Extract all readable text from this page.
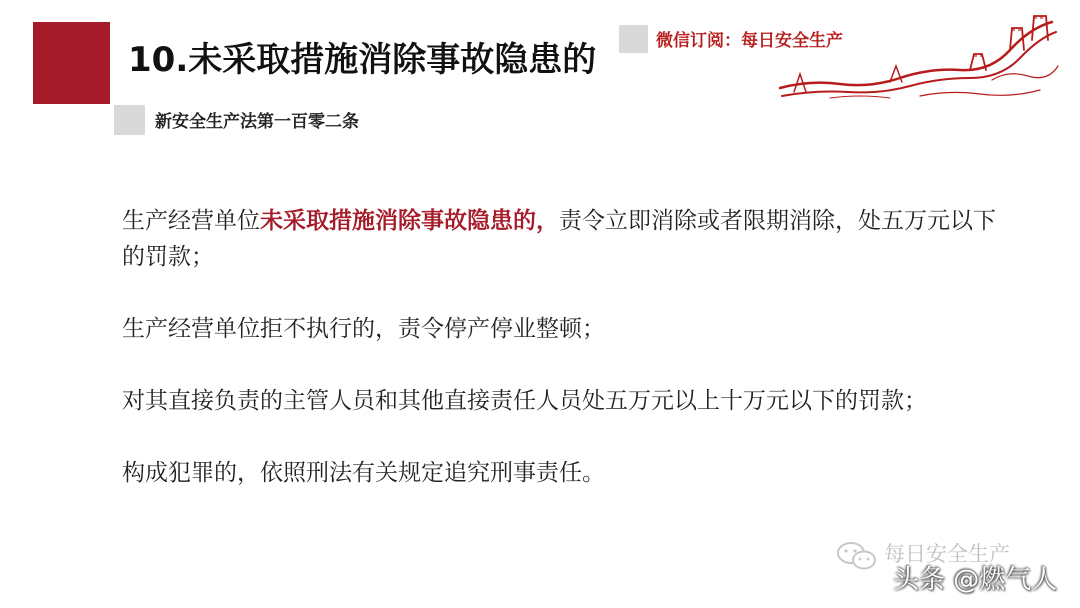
10.未采取措施消除事故隐患的
新安全生产法第一百零二条
微信订阅：每日安全生产

生产经营单位未采取措施消除事故隐患的，责令立即消除或者限期消除，处五万元以下的罚款；

生产经营单位拒不执行的，责令停产停业整顿；

对其直接负责的主管人员和其他直接责任人员处五万元以上十万元以下的罚款；

构成犯罪的，依照刑法有关规定追究刑事责任。

每日安全生产
头条 @燃气人
